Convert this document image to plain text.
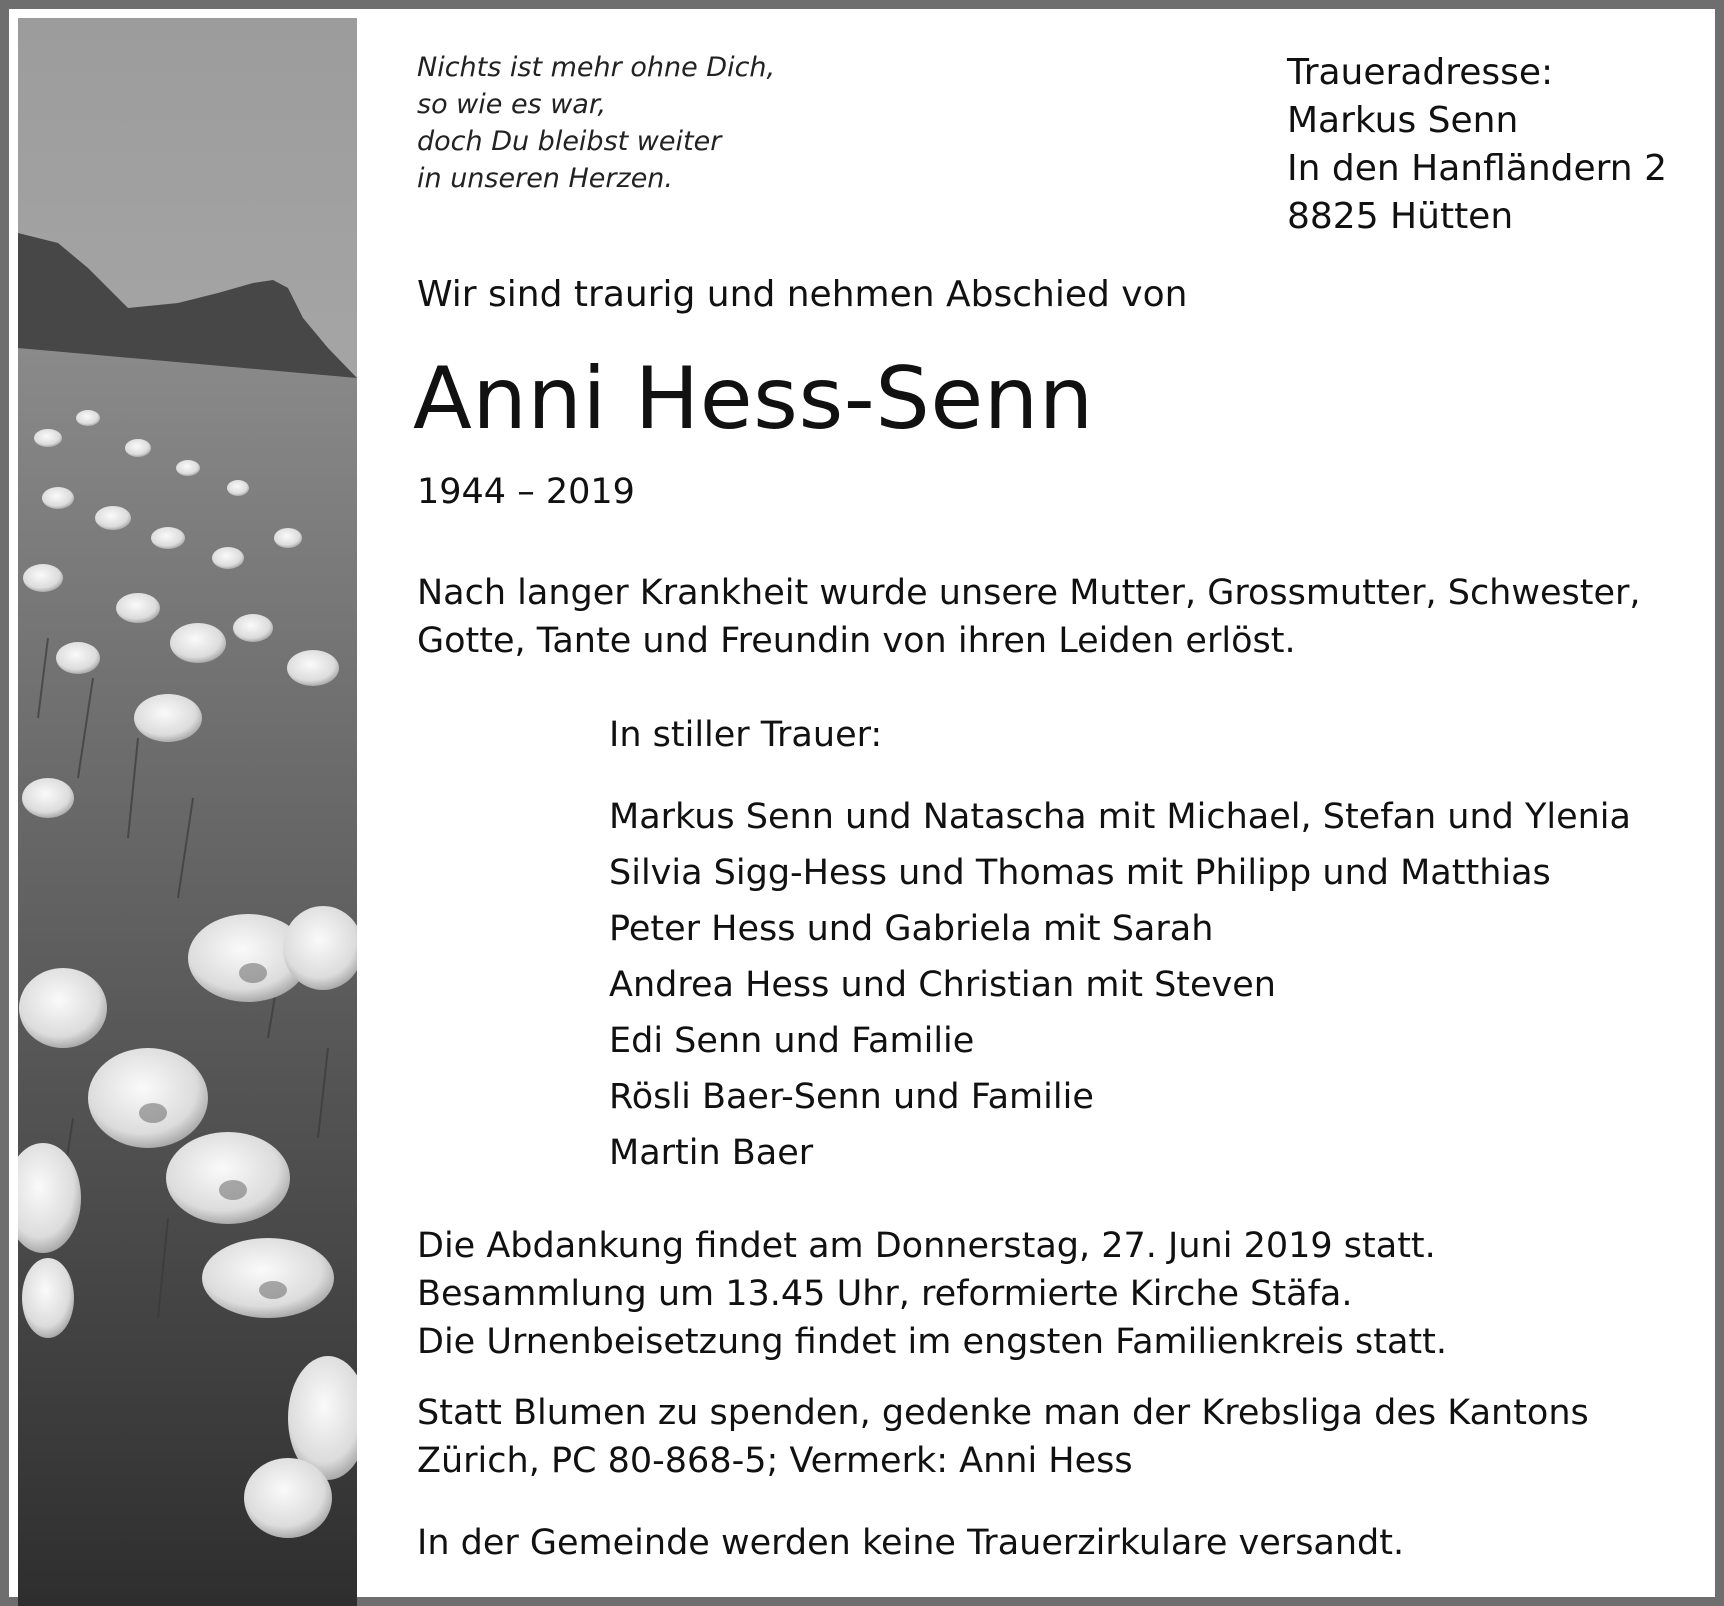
Nichts ist mehr ohne Dich,
so wie es war,
doch Du bleibst weiter
in unseren Herzen.
Traueradresse:
Markus Senn
In den Hanfländern 2
8825 Hütten
Wir sind traurig und nehmen Abschied von
Anni Hess-Senn
1944 – 2019
Nach langer Krankheit wurde unsere Mutter, Grossmutter, Schwester,
Gotte, Tante und Freundin von ihren Leiden erlöst.
In stiller Trauer:
Markus Senn und Natascha mit Michael, Stefan und Ylenia
Silvia Sigg-Hess und Thomas mit Philipp und Matthias
Peter Hess und Gabriela mit Sarah
Andrea Hess und Christian mit Steven
Edi Senn und Familie
Rösli Baer-Senn und Familie
Martin Baer
Die Abdankung findet am Donnerstag, 27. Juni 2019 statt.
Besammlung um 13.45 Uhr, reformierte Kirche Stäfa.
Die Urnenbeisetzung findet im engsten Familienkreis statt.
Statt Blumen zu spenden, gedenke man der Krebsliga des Kantons
Zürich, PC 80-868-5; Vermerk: Anni Hess
In der Gemeinde werden keine Trauerzirkulare versandt.
